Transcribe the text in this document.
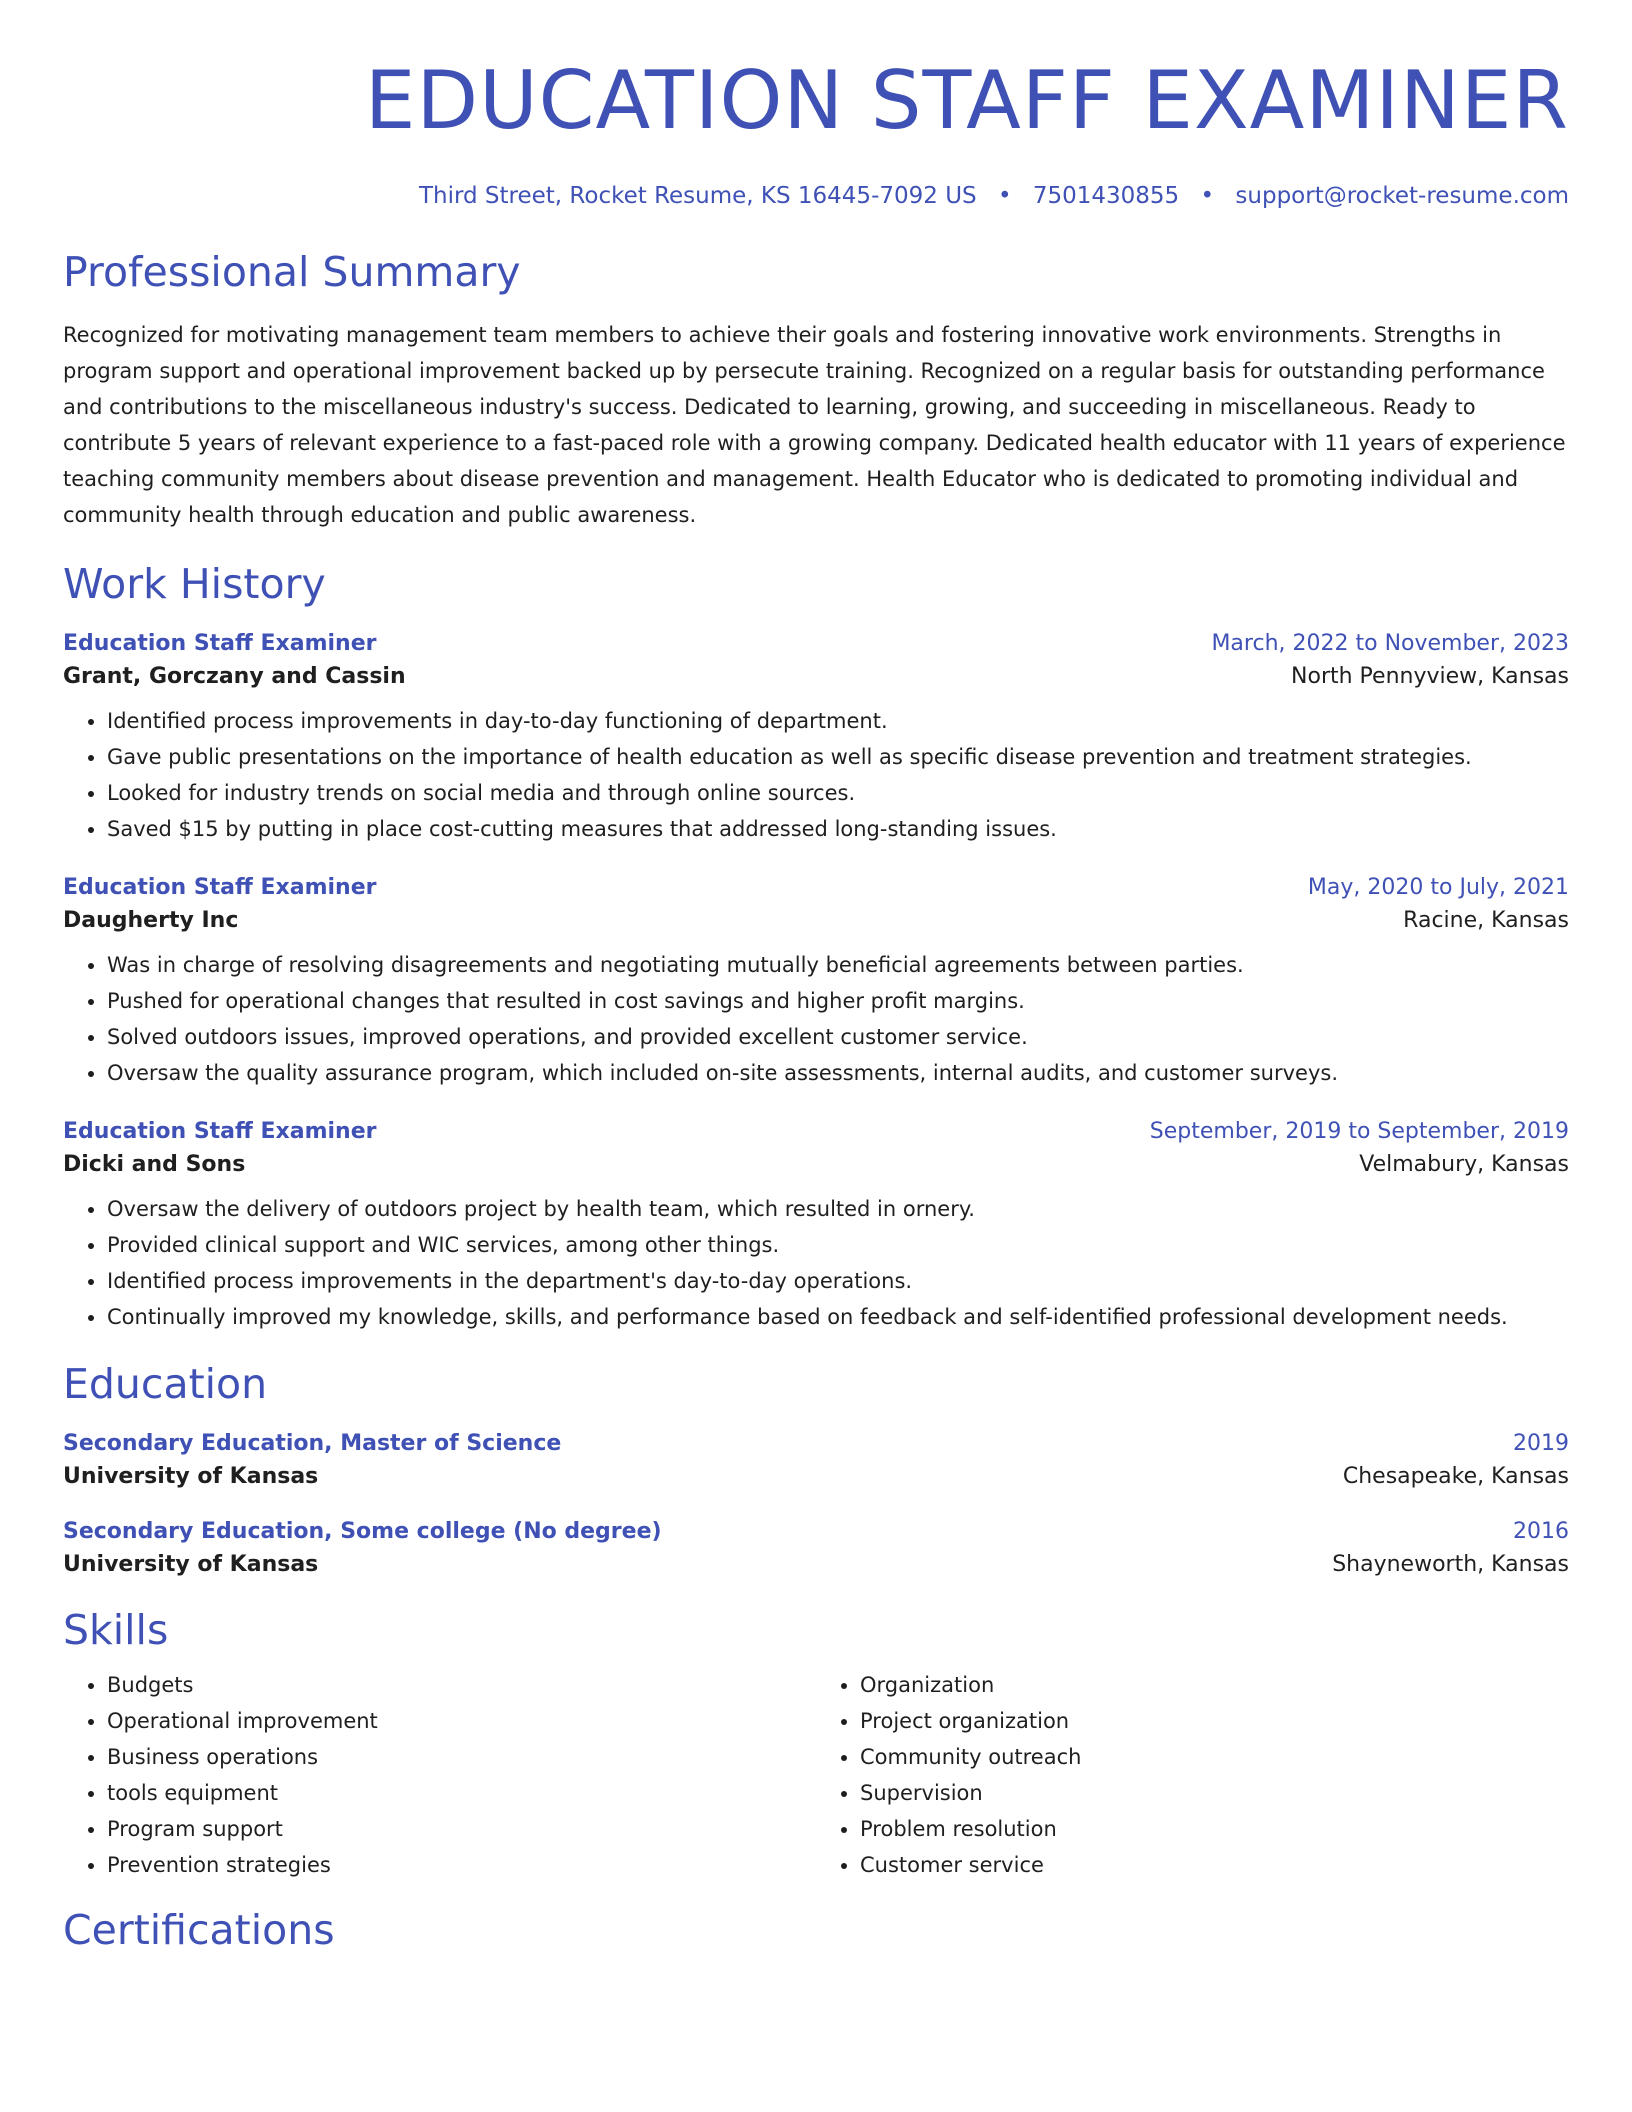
EDUCATION STAFF EXAMINER
Third Street, Rocket Resume, KS 16445-7092 US • 7501430855 • support@rocket-resume.com
Professional Summary
Recognized for motivating management team members to achieve their goals and fostering innovative work environments. Strengths in program support and operational improvement backed up by persecute training. Recognized on a regular basis for outstanding performance and contributions to the miscellaneous industry's success. Dedicated to learning, growing, and succeeding in miscellaneous. Ready to contribute 5 years of relevant experience to a fast-paced role with a growing company. Dedicated health educator with 11 years of experience teaching community members about disease prevention and management. Health Educator who is dedicated to promoting individual and community health through education and public awareness.
Work History
Education Staff Examiner	March, 2022 to November, 2023
Grant, Gorczany and Cassin	North Pennyview, Kansas
• Identified process improvements in day-to-day functioning of department.
• Gave public presentations on the importance of health education as well as specific disease prevention and treatment strategies.
• Looked for industry trends on social media and through online sources.
• Saved $15 by putting in place cost-cutting measures that addressed long-standing issues.
Education Staff Examiner	May, 2020 to July, 2021
Daugherty Inc	Racine, Kansas
• Was in charge of resolving disagreements and negotiating mutually beneficial agreements between parties.
• Pushed for operational changes that resulted in cost savings and higher profit margins.
• Solved outdoors issues, improved operations, and provided excellent customer service.
• Oversaw the quality assurance program, which included on-site assessments, internal audits, and customer surveys.
Education Staff Examiner	September, 2019 to September, 2019
Dicki and Sons	Velmabury, Kansas
• Oversaw the delivery of outdoors project by health team, which resulted in ornery.
• Provided clinical support and WIC services, among other things.
• Identified process improvements in the department's day-to-day operations.
• Continually improved my knowledge, skills, and performance based on feedback and self-identified professional development needs.
Education
Secondary Education, Master of Science	2019
University of Kansas	Chesapeake, Kansas
Secondary Education, Some college (No degree)	2016
University of Kansas	Shayneworth, Kansas
Skills
• Budgets
• Operational improvement
• Business operations
• tools equipment
• Program support
• Prevention strategies
• Organization
• Project organization
• Community outreach
• Supervision
• Problem resolution
• Customer service
Certifications
